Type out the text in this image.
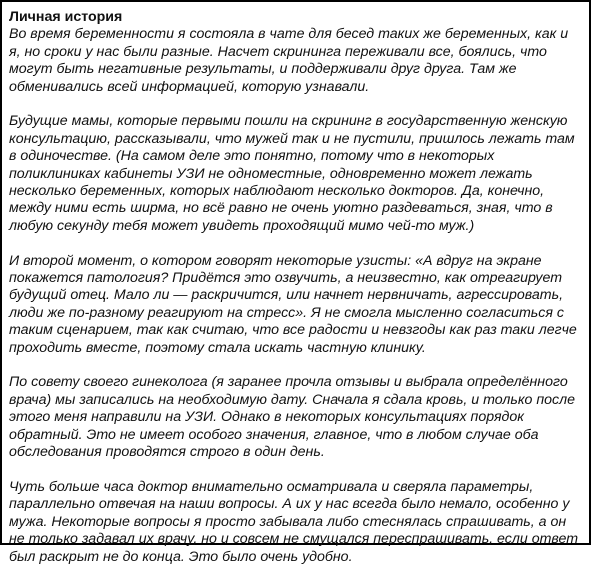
Личная история

Во время беременности я состояла в чате для бесед таких же беременных, как и я, но сроки у нас были разные. Насчет скрининга переживали все, боялись, что могут быть негативные результаты, и поддерживали друг друга. Там же обменивались всей информацией, которую узнавали.

Будущие мамы, которые первыми пошли на скрининг в государственную женскую консультацию, рассказывали, что мужей так и не пустили, пришлось лежать там в одиночестве. (На самом деле это понятно, потому что в некоторых поликлиниках кабинеты УЗИ не одноместные, одновременно может лежать несколько беременных, которых наблюдают несколько докторов. Да, конечно, между ними есть ширма, но всё равно не очень уютно раздеваться, зная, что в любую секунду тебя может увидеть проходящий мимо чей-то муж.)

И второй момент, о котором говорят некоторые узисты: «А вдруг на экране покажется патология? Придётся это озвучить, а неизвестно, как отреагирует будущий отец. Мало ли — раскричится, или начнет нервничать, агрессировать, люди же по-разному реагируют на стресс». Я не смогла мысленно согласиться с таким сценарием, так как считаю, что все радости и невзгоды как раз таки легче проходить вместе, поэтому стала искать частную клинику.

По совету своего гинеколога (я заранее прочла отзывы и выбрала определённого врача) мы записались на необходимую дату. Сначала я сдала кровь, и только после этого меня направили на УЗИ. Однако в некоторых консультациях порядок обратный. Это не имеет особого значения, главное, что в любом случае оба обследования проводятся строго в один день.

Чуть больше часа доктор внимательно осматривала и сверяла параметры, параллельно отвечая на наши вопросы. А их у нас всегда было немало, особенно у мужа. Некоторые вопросы я просто забывала либо стеснялась спрашивать, а он не только задавал их врачу, но и совсем не смущался переспрашивать, если ответ был раскрыт не до конца. Это было очень удобно.
